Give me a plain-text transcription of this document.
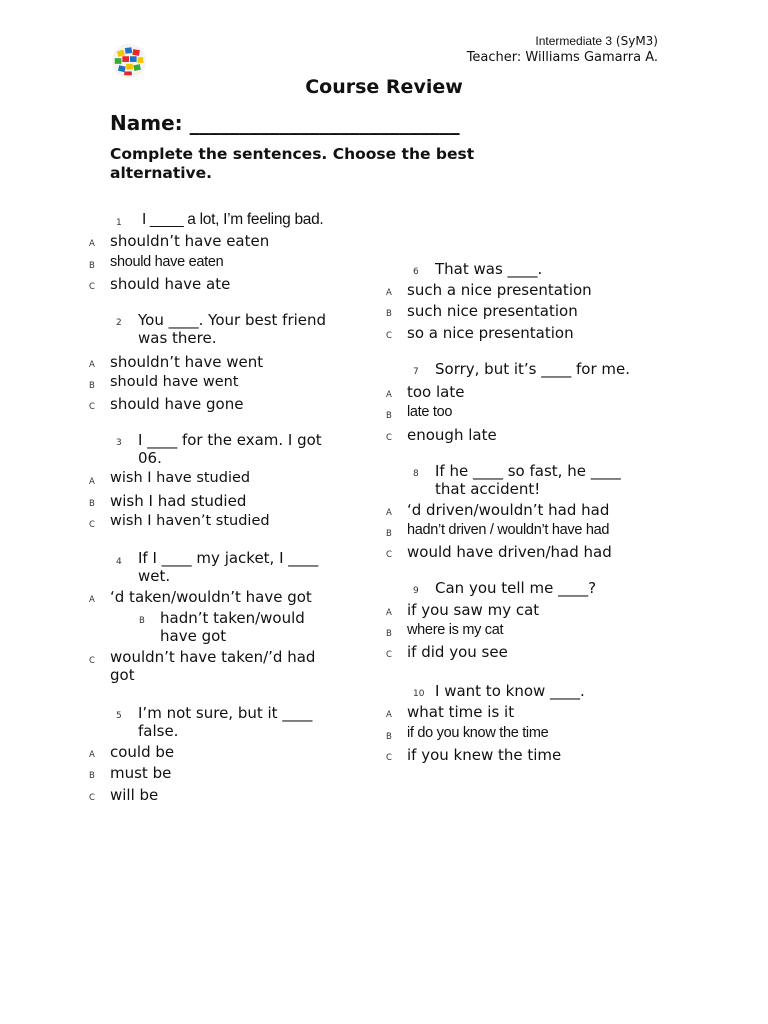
Intermediate 3 (SyM3)
Teacher: Williams Gamarra A.
Course Review
Name: ___________________________
Complete the sentences. Choose the best alternative.
1 I ____ a lot, I’m feeling bad.
A shouldn’t have eaten
B should have eaten
C should have ate
2 You ____. Your best friend
was there.
A shouldn’t have went
B should have went
C should have gone
3 I ____ for the exam. I got
06.
A wish I have studied
B wish I had studied
C wish I haven’t studied
4 If I ____ my jacket, I ____
wet.
A ‘d taken/wouldn’t have got
B hadn’t taken/would
have got
C wouldn’t have taken/’d had
got
5 I’m not sure, but it ____
false.
A could be
B must be
C will be
6 That was ____.
A such a nice presentation
B such nice presentation
C so a nice presentation
7 Sorry, but it’s ____ for me.
A too late
B late too
C enough late
8 If he ____ so fast, he ____
that accident!
A ‘d driven/wouldn’t had had
B hadn’t driven / wouldn’t have had
C would have driven/had had
9 Can you tell me ____?
A if you saw my cat
B where is my cat
C if did you see
10 I want to know ____.
A what time is it
B if do you know the time
C if you knew the time
